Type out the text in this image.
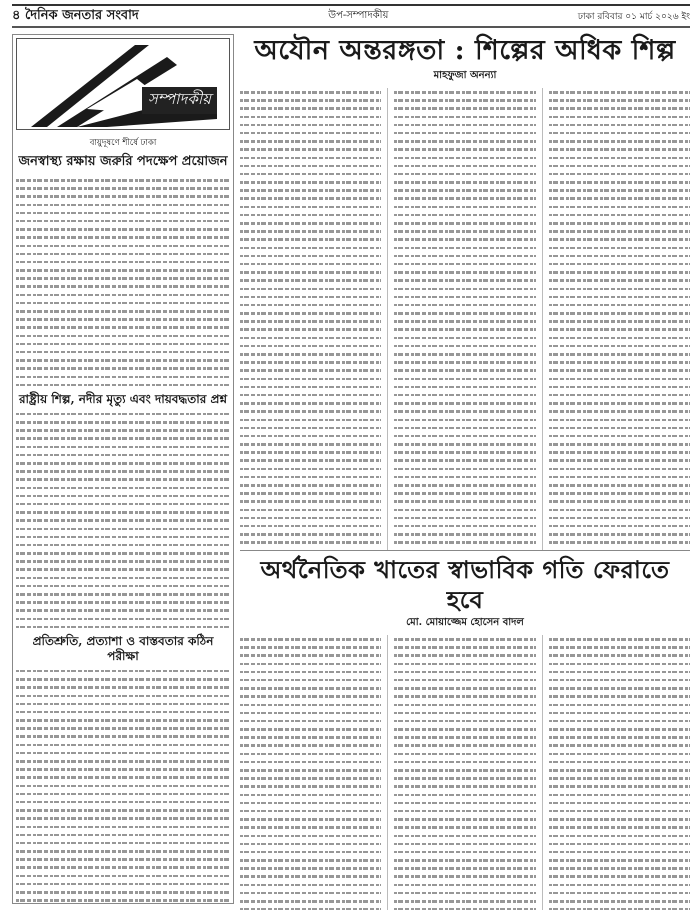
৪ দৈনিক জনতার সংবাদ	উপ-সম্পাদকীয়	ঢাকা রবিবার ০১ মার্চ ২০২৬ ইং
সম্পাদকীয়
বায়ুদূষণে শীর্ষে ঢাকা
জনস্বাস্থ্য রক্ষায় জরুরি পদক্ষেপ প্রয়োজন
রাষ্ট্রীয় শিল্প, নদীর মৃত্যু এবং দায়বদ্ধতার প্রশ্ন
প্রতিশ্রুতি, প্রত্যাশা ও বাস্তবতার কঠিন পরীক্ষা
অযৌন অন্তরঙ্গতা : শিল্পের অধিক শিল্প
মাহফুজা অনন্যা
অর্থনৈতিক খাতের স্বাভাবিক গতি ফেরাতে হবে
মো. মোয়াজ্জেম হোসেন বাদল
